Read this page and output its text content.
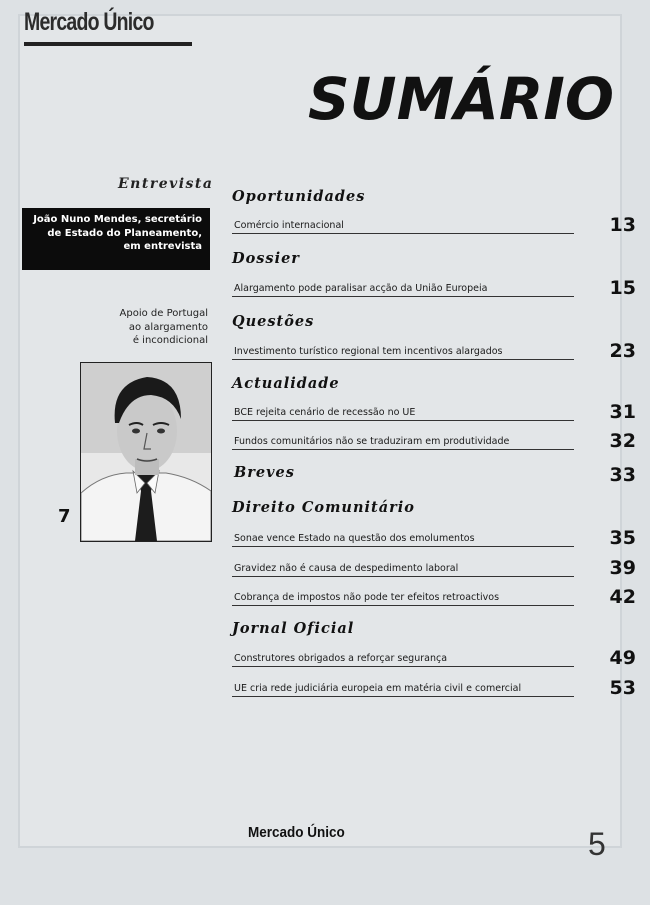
Mercado Único
SUMÁRIO
Entrevista
João Nuno Mendes, secretário
de Estado do Planeamento,
em entrevista
Apoio de Portugal
ao alargamento
é incondicional
7
Oportunidades
Comércio internacional	13
Dossier
Alargamento pode paralisar acção da União Europeia	15
Questões
Investimento turístico regional tem incentivos alargados	23
Actualidade
BCE rejeita cenário de recessão no UE	31
Fundos comunitários não se traduziram em produtividade	32
Breves	33
Direito Comunitário
Sonae vence Estado na questão dos emolumentos	35
Gravidez não é causa de despedimento laboral	39
Cobrança de impostos não pode ter efeitos retroactivos	42
Jornal Oficial
Construtores obrigados a reforçar segurança	49
UE cria rede judiciária europeia em matéria civil e comercial	53
Mercado Único	5
